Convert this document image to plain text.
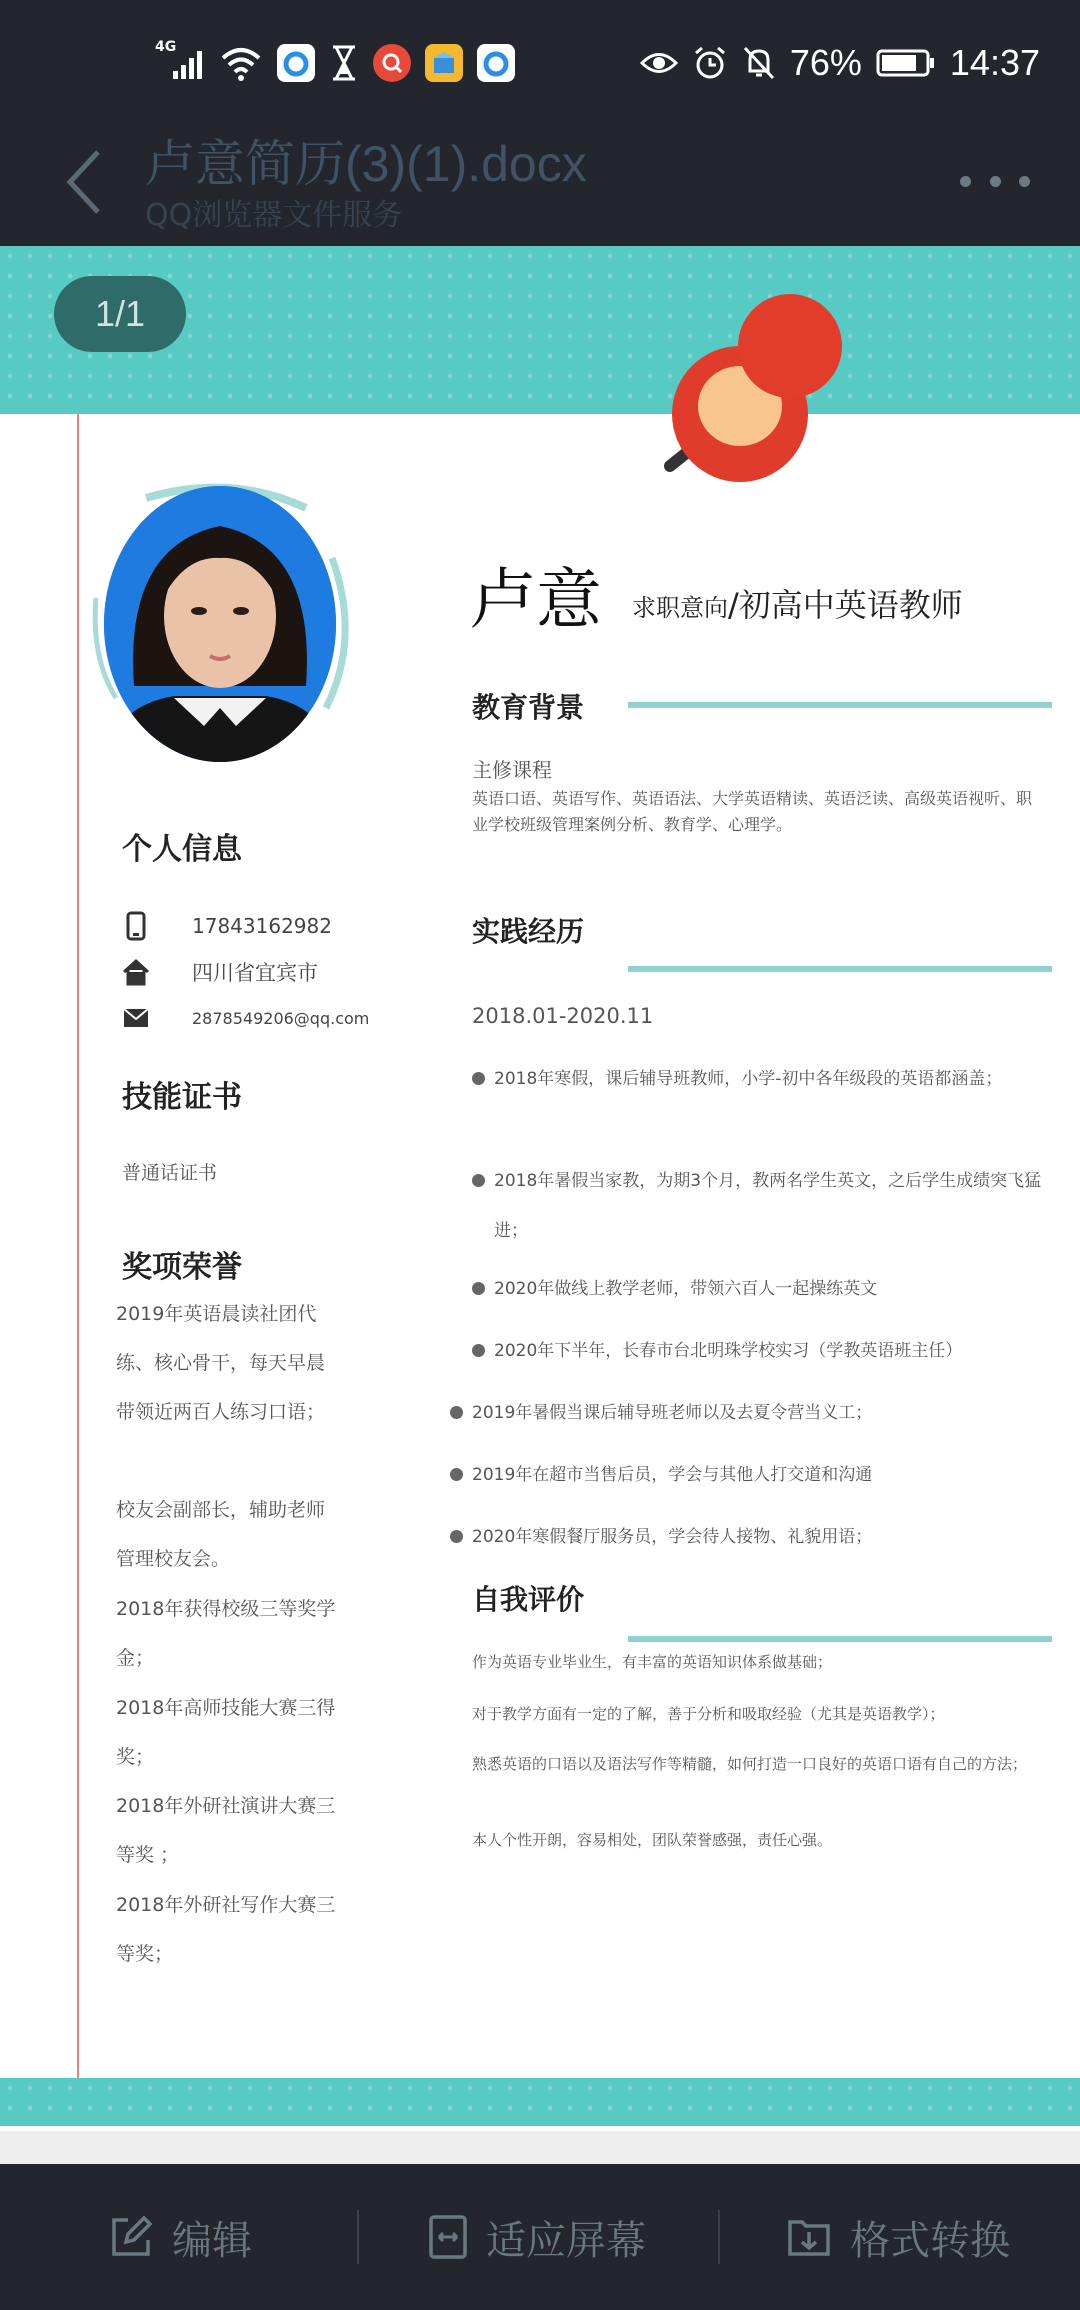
4G	76% 14:37
卢意简历(3)(1).docx
QQ浏览器文件服务
1/1
个人信息
17843162982
四川省宜宾市
2878549206@qq.com
技能证书
普通话证书
奖项荣誉
2019年英语晨读社团代练、核心骨干，每天早晨带领近两百人练习口语；
校友会副部长，辅助老师管理校友会。
2018年获得校级三等奖学金；
2018年高师技能大赛三得奖；
2018年外研社演讲大赛三等奖 ；
2018年外研社写作大赛三等奖；
卢意 求职意向/初高中英语教师
教育背景
主修课程
英语口语、英语写作、英语语法、大学英语精读、英语泛读、高级英语视听、职业学校班级管理案例分析、教育学、心理学。
实践经历
2018.01-2020.11
2018年寒假，课后辅导班教师，小学-初中各年级段的英语都涵盖；
2018年暑假当家教，为期3个月，教两名学生英文，之后学生成绩突飞猛进；
2020年做线上教学老师，带领六百人一起操练英文
2020年下半年，长春市台北明珠学校实习（学教英语班主任）
2019年暑假当课后辅导班老师以及去夏令营当义工；
2019年在超市当售后员，学会与其他人打交道和沟通
2020年寒假餐厅服务员，学会待人接物、礼貌用语；
自我评价
作为英语专业毕业生，有丰富的英语知识体系做基础；
对于教学方面有一定的了解，善于分析和吸取经验（尤其是英语教学）；
熟悉英语的口语以及语法写作等精髓，如何打造一口良好的英语口语有自己的方法；
本人个性开朗，容易相处，团队荣誉感强，责任心强。
编辑	适应屏幕	格式转换
